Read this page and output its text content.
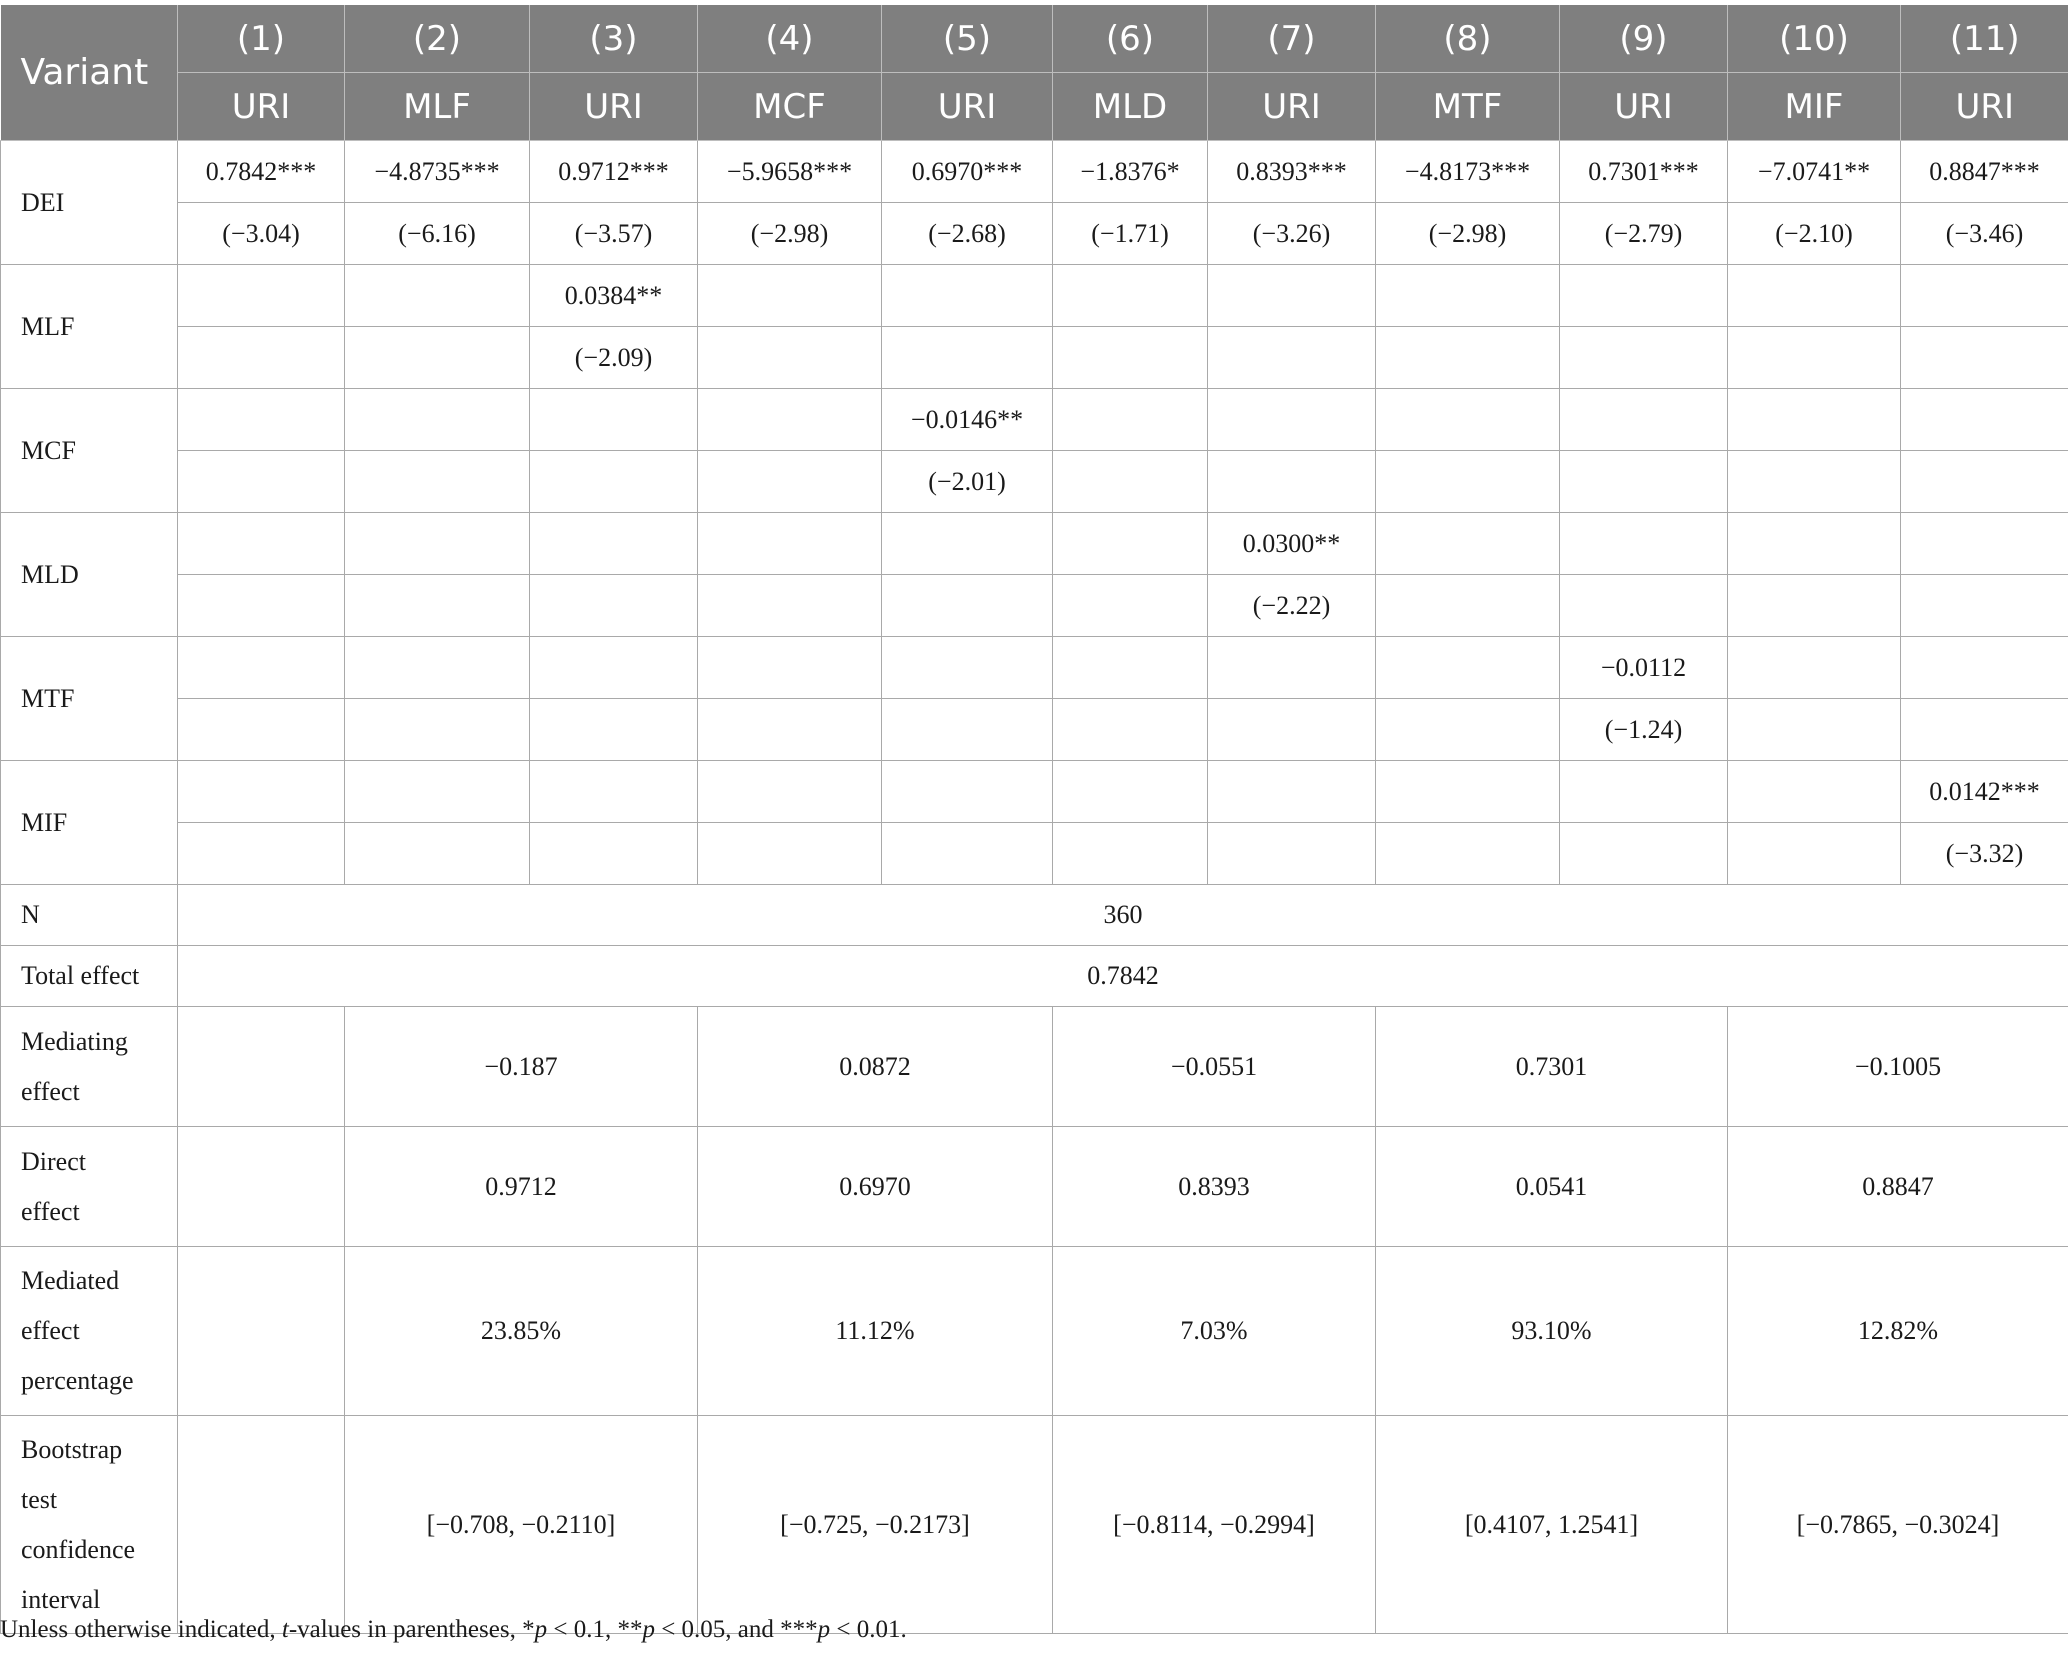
Variant	(1)	(2)	(3)	(4)	(5)	(6)	(7)	(8)	(9)	(10)	(11)
	URI	MLF	URI	MCF	URI	MLD	URI	MTF	URI	MIF	URI
DEI	0.7842***	−4.8735***	0.9712***	−5.9658***	0.6970***	−1.8376*	0.8393***	−4.8173***	0.7301***	−7.0741**	0.8847***
	(−3.04)	(−6.16)	(−3.57)	(−2.98)	(−2.68)	(−1.71)	(−3.26)	(−2.98)	(−2.79)	(−2.10)	(−3.46)
MLF			0.0384**								
			(−2.09)								
MCF					−0.0146**						
					(−2.01)						
MLD							0.0300**				
							(−2.22)				
MTF									−0.0112		
									(−1.24)		
MIF											0.0142***
											(−3.32)
N	360										
Total effect	0.7842										

Mediating
effect		−0.187		0.0872		−0.0551		0.7301		−0.1005	

Direct
effect		0.9712		0.6970		0.8393		0.0541		0.8847	

Mediated
effect
percentage		23.85%		11.12%		7.03%		93.10%		12.82%	

Bootstrap
test
confidence
interval		[−0.708, −0.2110]		[−0.725, −0.2173]		[−0.8114, −0.2994]		[0.4107, 1.2541]		[−0.7865, −0.3024]	
Unless otherwise indicated, t-values in parentheses, *p < 0.1, **p < 0.05, and ***p < 0.01.
